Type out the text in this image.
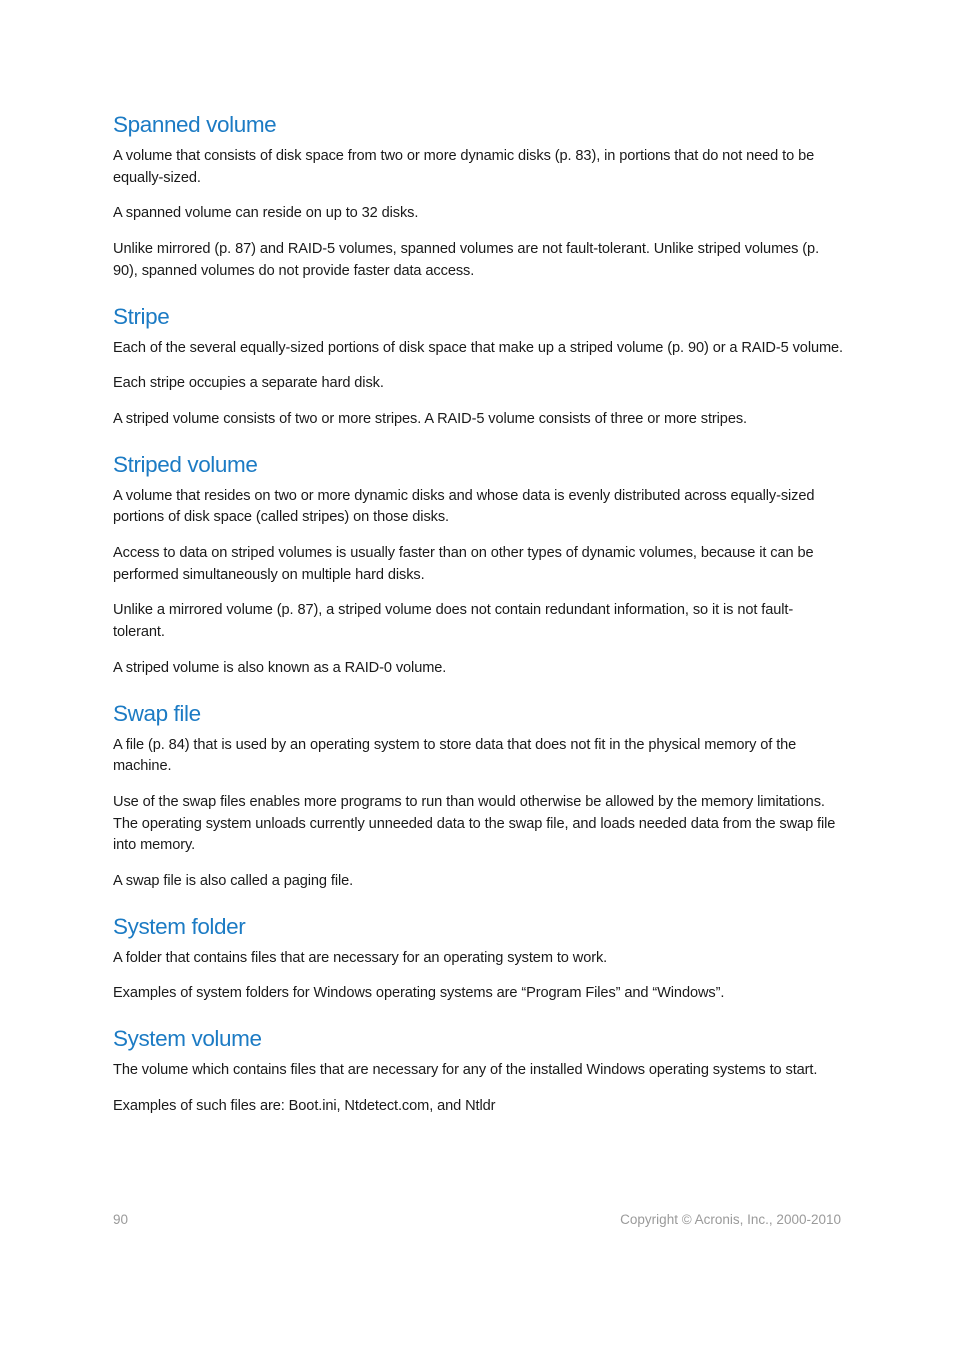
Spanned volume

A volume that consists of disk space from two or more dynamic disks (p. 83), in portions that do not need to be equally-sized.

A spanned volume can reside on up to 32 disks.

Unlike mirrored (p. 87) and RAID-5 volumes, spanned volumes are not fault-tolerant. Unlike striped volumes (p. 90), spanned volumes do not provide faster data access.

Stripe

Each of the several equally-sized portions of disk space that make up a striped volume (p. 90) or a RAID-5 volume.

Each stripe occupies a separate hard disk.

A striped volume consists of two or more stripes. A RAID-5 volume consists of three or more stripes.

Striped volume

A volume that resides on two or more dynamic disks and whose data is evenly distributed across equally-sized portions of disk space (called stripes) on those disks.

Access to data on striped volumes is usually faster than on other types of dynamic volumes, because it can be performed simultaneously on multiple hard disks.

Unlike a mirrored volume (p. 87), a striped volume does not contain redundant information, so it is not fault-tolerant.

A striped volume is also known as a RAID-0 volume.

Swap file

A file (p. 84) that is used by an operating system to store data that does not fit in the physical memory of the machine.

Use of the swap files enables more programs to run than would otherwise be allowed by the memory limitations. The operating system unloads currently unneeded data to the swap file, and loads needed data from the swap file into memory.

A swap file is also called a paging file.

System folder

A folder that contains files that are necessary for an operating system to work.

Examples of system folders for Windows operating systems are “Program Files” and “Windows”.

System volume

The volume which contains files that are necessary for any of the installed Windows operating systems to start.

Examples of such files are: Boot.ini, Ntdetect.com, and Ntldr

90	Copyright © Acronis, Inc., 2000-2010
